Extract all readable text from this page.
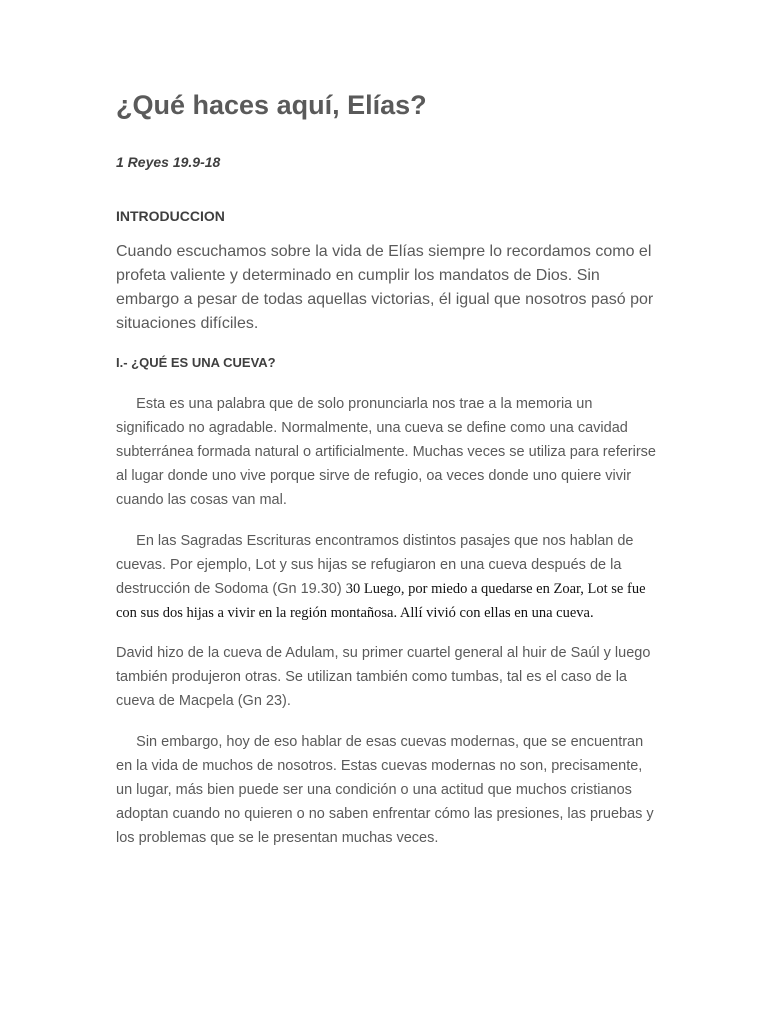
¿Qué haces aquí, Elías?

1 Reyes 19.9-18

INTRODUCCION

Cuando escuchamos sobre la vida de Elías siempre lo recordamos como el profeta valiente y determinado en cumplir los mandatos de Dios. Sin embargo a pesar de todas aquellas victorias, él igual que nosotros pasó por situaciones difíciles.

I.- ¿QUÉ ES UNA CUEVA?

Esta es una palabra que de solo pronunciarla nos trae a la memoria un significado no agradable. Normalmente, una cueva se define como una cavidad subterránea formada natural o artificialmente. Muchas veces se utiliza para referirse al lugar donde uno vive porque sirve de refugio, oa veces donde uno quiere vivir cuando las cosas van mal.

En las Sagradas Escrituras encontramos distintos pasajes que nos hablan de cuevas. Por ejemplo, Lot y sus hijas se refugiaron en una cueva después de la destrucción de Sodoma (Gn 19.30) 30 Luego, por miedo a quedarse en Zoar, Lot se fue con sus dos hijas a vivir en la región montañosa. Allí vivió con ellas en una cueva.

David hizo de la cueva de Adulam, su primer cuartel general al huir de Saúl y luego también produjeron otras. Se utilizan también como tumbas, tal es el caso de la cueva de Macpela (Gn 23).

Sin embargo, hoy de eso hablar de esas cuevas modernas, que se encuentran en la vida de muchos de nosotros. Estas cuevas modernas no son, precisamente, un lugar, más bien puede ser una condición o una actitud que muchos cristianos adoptan cuando no quieren o no saben enfrentar cómo las presiones, las pruebas y los problemas que se le presentan muchas veces.
